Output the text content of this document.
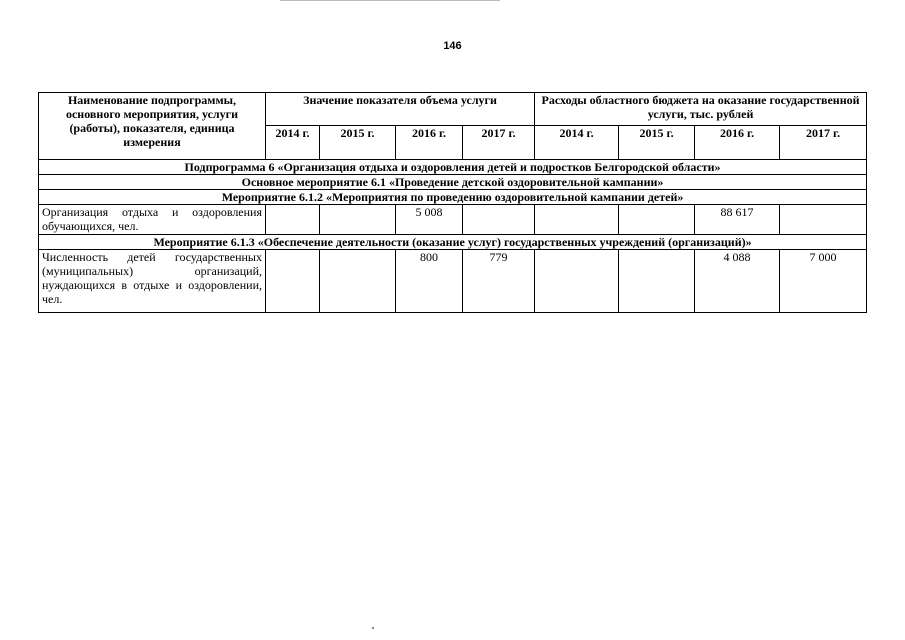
146
Наименование подпрограммы, основного мероприятия, услуги (работы), показателя, единица измерения	Значение показателя объема услуги				Расходы областного бюджета на оказание государственной услуги, тыс. рублей			
	2014 г.	2015 г.	2016 г.	2017 г.	2014 г.	2015 г.	2016 г.	2017 г.
Подпрограмма 6 «Организация отдыха и оздоровления детей и подростков Белгородской области»								
Основное мероприятие 6.1 «Проведение детской оздоровительной кампании»								
Мероприятие 6.1.2 «Мероприятия по проведению оздоровительной кампании детей»								
Организация отдыха и оздоровления обучающихся, чел.			5 008				88 617	
Мероприятие 6.1.3 «Обеспечение деятельности (оказание услуг) государственных учреждений (организаций)»								
Численность детей государственных (муниципальных) организаций, нуждающихся в отдыхе и оздоровлении, чел.			800	779			4 088	7 000
